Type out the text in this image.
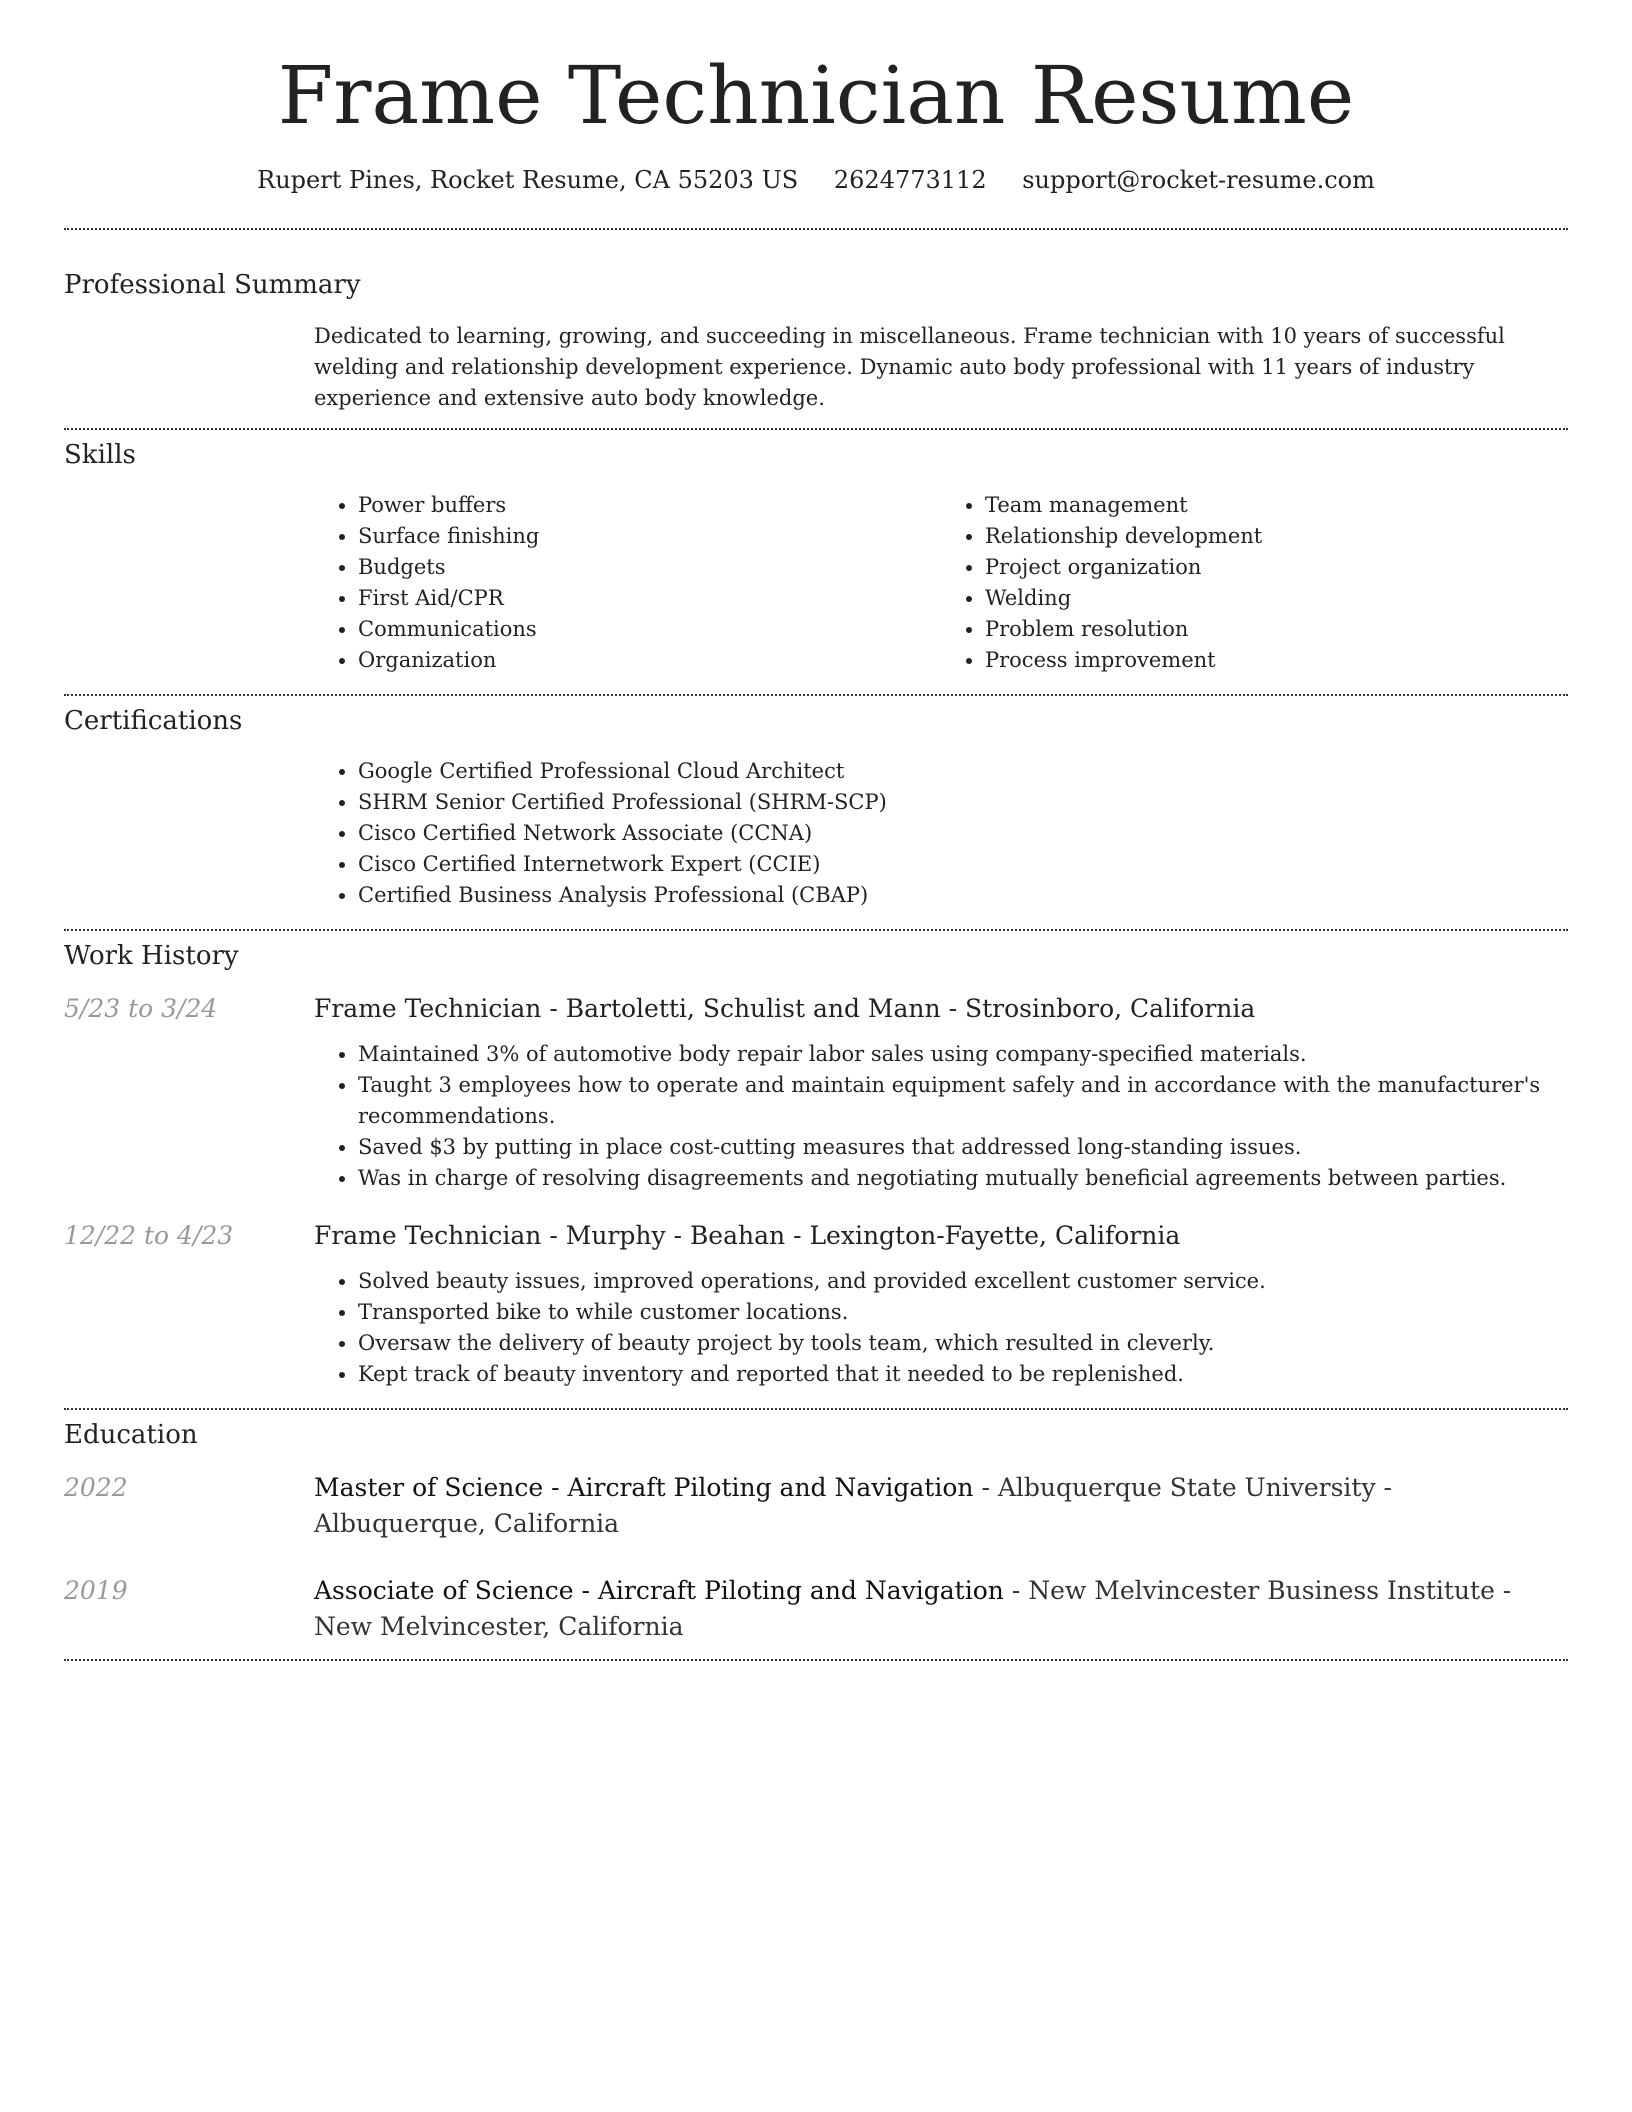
Frame Technician Resume
Rupert Pines, Rocket Resume, CA 55203 US 2624773112 support@rocket-resume.com
Professional Summary

Dedicated to learning, growing, and succeeding in miscellaneous. Frame technician with 10 years of successful welding and relationship development experience. Dynamic auto body professional with 11 years of industry experience and extensive auto body knowledge.

Skills
• Power buffers
• Surface finishing
• Budgets
• First Aid/CPR
• Communications
• Organization
• Team management
• Relationship development
• Project organization
• Welding
• Problem resolution
• Process improvement
Certifications
• Google Certified Professional Cloud Architect
• SHRM Senior Certified Professional (SHRM-SCP)
• Cisco Certified Network Associate (CCNA)
• Cisco Certified Internetwork Expert (CCIE)
• Certified Business Analysis Professional (CBAP)
Work History
5/23 to 3/24	Frame Technician - Bartoletti, Schulist and Mann - Strosinboro, California
• Maintained 3% of automotive body repair labor sales using company-specified materials.
• Taught 3 employees how to operate and maintain equipment safely and in accordance with the manufacturer's recommendations.
• Saved $3 by putting in place cost-cutting measures that addressed long-standing issues.
• Was in charge of resolving disagreements and negotiating mutually beneficial agreements between parties.
12/22 to 4/23	Frame Technician - Murphy - Beahan - Lexington-Fayette, California
• Solved beauty issues, improved operations, and provided excellent customer service.
• Transported bike to while customer locations.
• Oversaw the delivery of beauty project by tools team, which resulted in cleverly.
• Kept track of beauty inventory and reported that it needed to be replenished.
Education
2022	Master of Science - Aircraft Piloting and Navigation - Albuquerque State University - Albuquerque, California
2019	Associate of Science - Aircraft Piloting and Navigation - New Melvincester Business Institute - New Melvincester, California
